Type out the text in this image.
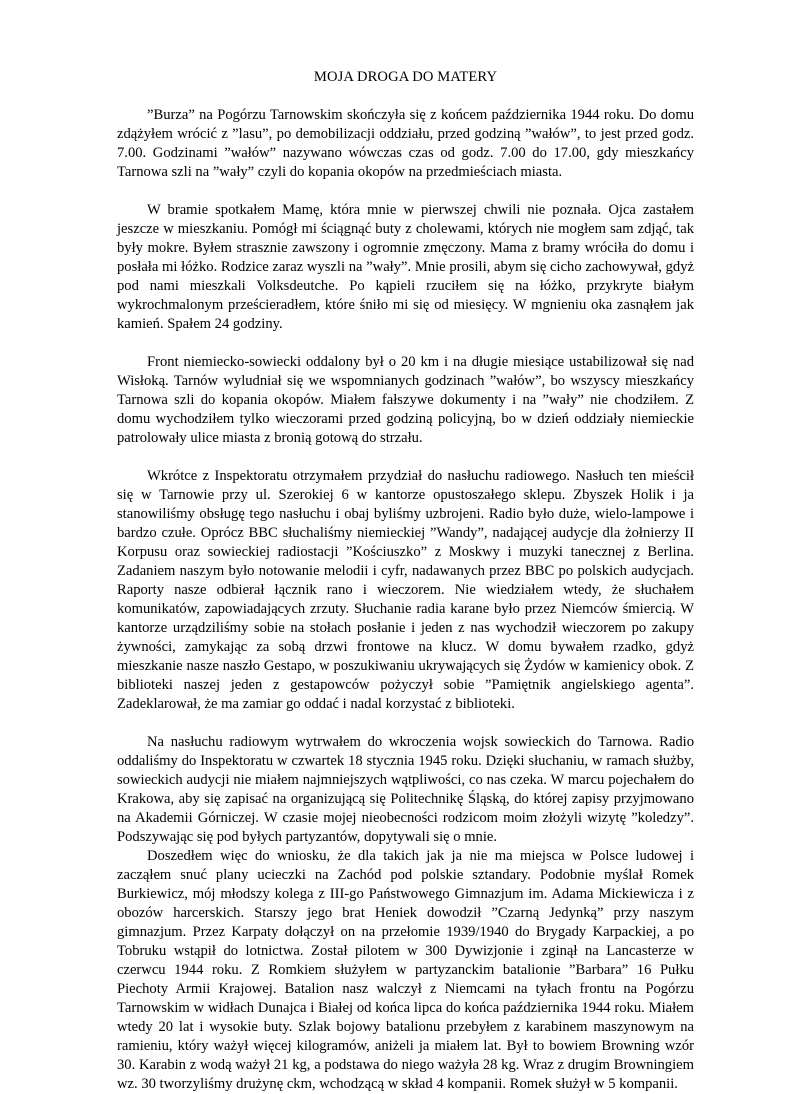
MOJA DROGA DO MATERY

”Burza” na Pogórzu Tarnowskim skończyła się z końcem października 1944 roku. Do domu zdążyłem wrócić z ”lasu”, po demobilizacji oddziału, przed godziną ”wałów”, to jest przed godz. 7.00. Godzinami ”wałów” nazywano wówczas czas od godz. 7.00 do 17.00, gdy mieszkańcy Tarnowa szli na ”wały” czyli do kopania okopów na przedmieściach miasta.

W bramie spotkałem Mamę, która mnie w pierwszej chwili nie poznała. Ojca zastałem jeszcze w mieszkaniu. Pomógł mi ściągnąć buty z cholewami, których nie mogłem sam zdjąć, tak były mokre. Byłem strasznie zawszony i ogromnie zmęczony. Mama z bramy wróciła do domu i posłała mi łóżko. Rodzice zaraz wyszli na ”wały”. Mnie prosili, abym się cicho zachowywał, gdyż pod nami mieszkali Volksdeutche. Po kąpieli rzuciłem się na łóżko, przykryte białym wykrochmalonym prześcieradłem, które śniło mi się od miesięcy. W mgnieniu oka zasnąłem jak kamień. Spałem 24 godziny.

Front niemiecko-sowiecki oddalony był o 20 km i na długie miesiące ustabilizował się nad Wisłoką. Tarnów wyludniał się we wspomnianych godzinach ”wałów”, bo wszyscy mieszkańcy Tarnowa szli do kopania okopów. Miałem fałszywe dokumenty i na ”wały” nie chodziłem. Z domu wychodziłem tylko wieczorami przed godziną policyjną, bo w dzień oddziały niemieckie patrolowały ulice miasta z bronią gotową do strzału.

Wkrótce z Inspektoratu otrzymałem przydział do nasłuchu radiowego. Nasłuch ten mieścił się w Tarnowie przy ul. Szerokiej 6 w kantorze opustoszałego sklepu. Zbyszek Holik i ja stanowiliśmy obsługę tego nasłuchu i obaj byliśmy uzbrojeni. Radio było duże, wielo-lampowe i bardzo czułe. Oprócz BBC słuchaliśmy niemieckiej ”Wandy”, nadającej audycje dla żołnierzy II Korpusu oraz sowieckiej radiostacji ”Kościuszko” z Moskwy i muzyki tanecznej z Berlina. Zadaniem naszym było notowanie melodii i cyfr, nadawanych przez BBC po polskich audycjach. Raporty nasze odbierał łącznik rano i wieczorem. Nie wiedziałem wtedy, że słuchałem komunikatów, zapowiadających zrzuty. Słuchanie radia karane było przez Niemców śmiercią. W kantorze urządziliśmy sobie na stołach posłanie i jeden z nas wychodził wieczorem po zakupy żywności, zamykając za sobą drzwi frontowe na klucz. W domu bywałem rzadko, gdyż mieszkanie nasze naszło Gestapo, w poszukiwaniu ukrywających się Żydów w kamienicy obok. Z biblioteki naszej jeden z gestapowców pożyczył sobie ”Pamiętnik angielskiego agenta”. Zadeklarował, że ma zamiar go oddać i nadal korzystać z biblioteki.

Na nasłuchu radiowym wytrwałem do wkroczenia wojsk sowieckich do Tarnowa. Radio oddaliśmy do Inspektoratu w czwartek 18 stycznia 1945 roku. Dzięki słuchaniu, w ramach służby, sowieckich audycji nie miałem najmniejszych wątpliwości, co nas czeka. W marcu pojechałem do Krakowa, aby się zapisać na organizującą się Politechnikę Śląską, do której zapisy przyjmowano na Akademii Górniczej. W czasie mojej nieobecności rodzicom moim złożyli wizytę ”koledzy”. Podszywając się pod byłych partyzantów, dopytywali się o mnie.

Doszedłem więc do wniosku, że dla takich jak ja nie ma miejsca w Polsce ludowej i zacząłem snuć plany ucieczki na Zachód pod polskie sztandary. Podobnie myślał Romek Burkiewicz, mój młodszy kolega z III-go Państwowego Gimnazjum im. Adama Mickiewicza i z obozów harcerskich. Starszy jego brat Heniek dowodził ”Czarną Jedynką” przy naszym gimnazjum. Przez Karpaty dołączył on na przełomie 1939/1940 do Brygady Karpackiej, a po Tobruku wstąpił do lotnictwa. Został pilotem w 300 Dywizjonie i zginął na Lancasterze w czerwcu 1944 roku. Z Romkiem służyłem w partyzanckim batalionie ”Barbara” 16 Pułku Piechoty Armii Krajowej. Batalion nasz walczył z Niemcami na tyłach frontu na Pogórzu Tarnowskim w widłach Dunajca i Białej od końca lipca do końca października 1944 roku. Miałem wtedy 20 lat i wysokie buty. Szlak bojowy batalionu przebyłem z karabinem maszynowym na ramieniu, który ważył więcej kilogramów, aniżeli ja miałem lat. Był to bowiem Browning wzór 30. Karabin z wodą ważył 21 kg, a podstawa do niego ważyła 28 kg. Wraz z drugim Browningiem wz. 30 tworzyliśmy drużynę ckm, wchodzącą w skład 4 kompanii. Romek służył w 5 kompanii.
